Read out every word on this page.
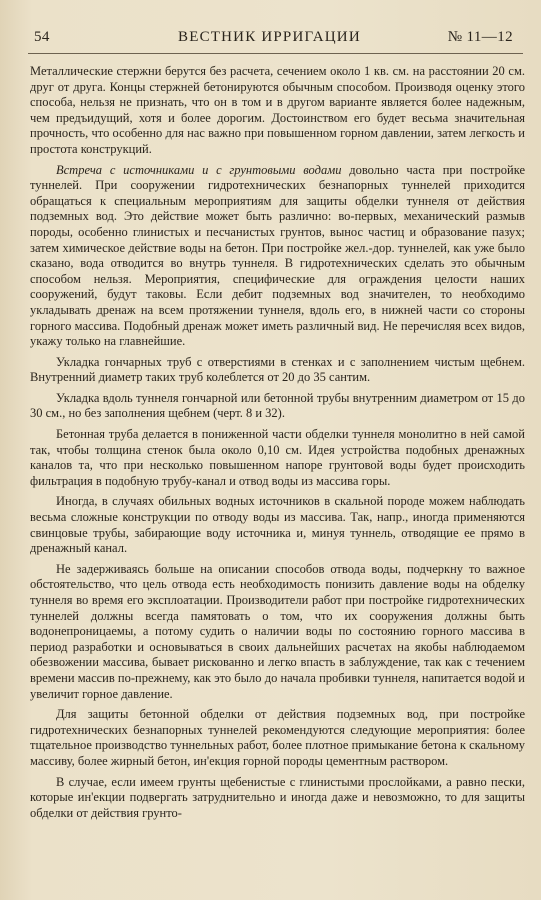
54	ВЕСТНИК ИРРИГАЦИИ	№ 11—12

Металлические стержни берутся без расчета, сечением около 1 кв. см. на расстоянии 20 см. друг от друга. Концы стержней бетонируются обычным способом. Производя оценку этого способа, нельзя не признать, что он в том и в другом варианте является более надежным, чем предъидущий, хотя и более дорогим. Достоинством его будет весьма значительная прочность, что особенно для нас важно при повышенном горном давлении, затем легкость и простота конструкций.

Встреча с источниками и с грунтовыми водами довольно часта при постройке туннелей. При сооружении гидротехнических безнапорных туннелей приходится обращаться к специальным мероприятиям для защиты обделки туннеля от действия подземных вод. Это действие может быть различно: во-первых, механический размыв породы, особенно глинистых и песчанистых грунтов, вынос частиц и образование пазух; затем химическое действие воды на бетон. При постройке жел.-дор. туннелей, как уже было сказано, вода отводится во внутрь туннеля. В гидротехнических сделать это обычным способом нельзя. Мероприятия, специфические для ограждения целости наших сооружений, будут таковы. Если дебит подземных вод значителен, то необходимо укладывать дренаж на всем протяжении туннеля, вдоль его, в нижней части со стороны горного массива. Подобный дренаж может иметь различный вид. Не перечисляя всех видов, укажу только на главнейшие.

Укладка гончарных труб с отверстиями в стенках и с заполнением чистым щебнем. Внутренний диаметр таких труб колеблется от 20 до 35 сантим.

Укладка вдоль туннеля гончарной или бетонной трубы внутренним диаметром от 15 до 30 см., но без заполнения щебнем (черт. 8 и 32).

Бетонная труба делается в пониженной части обделки туннеля монолитно в ней самой так, чтобы толщина стенок была около 0,10 см. Идея устройства подобных дренажных каналов та, что при несколько повышенном напоре грунтовой воды будет происходить фильтрация в подобную трубу-канал и отвод воды из массива горы.

Иногда, в случаях обильных водных источников в скальной породе можем наблюдать весьма сложные конструкции по отводу воды из массива. Так, напр., иногда применяются свинцовые трубы, забирающие воду источника и, минуя туннель, отводящие ее прямо в дренажный канал.

Не задерживаясь больше на описании способов отвода воды, подчеркну то важное обстоятельство, что цель отвода есть необходимость понизить давление воды на обделку туннеля во время его эксплоатации. Производители работ при постройке гидротехнических туннелей должны всегда памятовать о том, что их сооружения должны быть водонепроницаемы, а потому судить о наличии воды по состоянию горного массива в период разработки и основываться в своих дальнейших расчетах на якобы наблюдаемом обезвожении массива, бывает рискованно и легко впасть в заблуждение, так как с течением времени массив по-прежнему, как это было до начала пробивки туннеля, напитается водой и увеличит горное давление.

Для защиты бетонной обделки от действия подземных вод, при постройке гидротехнических безнапорных туннелей рекомендуются следующие мероприятия: более тщательное производство туннельных работ, более плотное примыкание бетона к скальному массиву, более жирный бетон, ин'екция горной породы цементным раствором.

В случае, если имеем грунты щебенистые с глинистыми прослойками, а равно пески, которые ин'екции подвергать затруднительно и иногда даже и невозможно, то для защиты обделки от действия грунто-
